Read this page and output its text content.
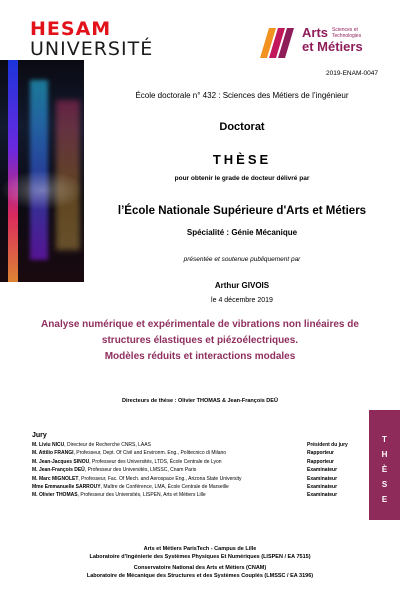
HESAM
UNIVERSITÉ
Arts Sciences et
Technologies
et Métiers
2019-ENAM-0047
École doctorale n° 432 : Sciences des Métiers de l’ingénieur
Doctorat
THÈSE
pour obtenir le grade de docteur délivré par
l’École Nationale Supérieure d'Arts et Métiers
Spécialité : Génie Mécanique
présentée et soutenue publiquement par
Arthur GIVOIS
le 4 décembre 2019
Analyse numérique et expérimentale de vibrations non linéaires de
structures élastiques et piézoélectriques.
Modèles réduits et interactions modales
Directeurs de thèse : Olivier THOMAS & Jean-François DEÜ
Jury
M. Liviu NICU, Directeur de Recherche CNRS, LAAS	Président du jury
M. Attilio FRANGI, Professeur, Dept. Of Civil and Environm. Eng., Politecnico di Milano	Rapporteur
M. Jean-Jacques SINOU, Professeur des Universités, LTDS, École Centrale de Lyon	Rapporteur
M. Jean-François DEÜ, Professeur des Universités, LMSSC, Cnam Paris	Examinateur
M. Marc MIGNOLET, Professeur, Fac. Of Mech. and Aerospace Eng., Arizona State University	Examinateur
Mme Emmanuelle SARROUY, Maître de Conférence, LMA, École Centrale de Marseille	Examinateur
M. Olivier THOMAS, Professeur des Universités, LISPEN, Arts et Métiers Lille	Examinateur
T
H
È
S
E
Arts et Métiers ParisTech - Campus de Lille
Laboratoire d’Ingénierie des Systèmes Physiques Et Numériques (LISPEN / EA 7515)
Conservatoire National des Arts et Métiers (CNAM)
Laboratoire de Mécanique des Structures et des Systèmes Couplés (LMSSC / EA 3196)
